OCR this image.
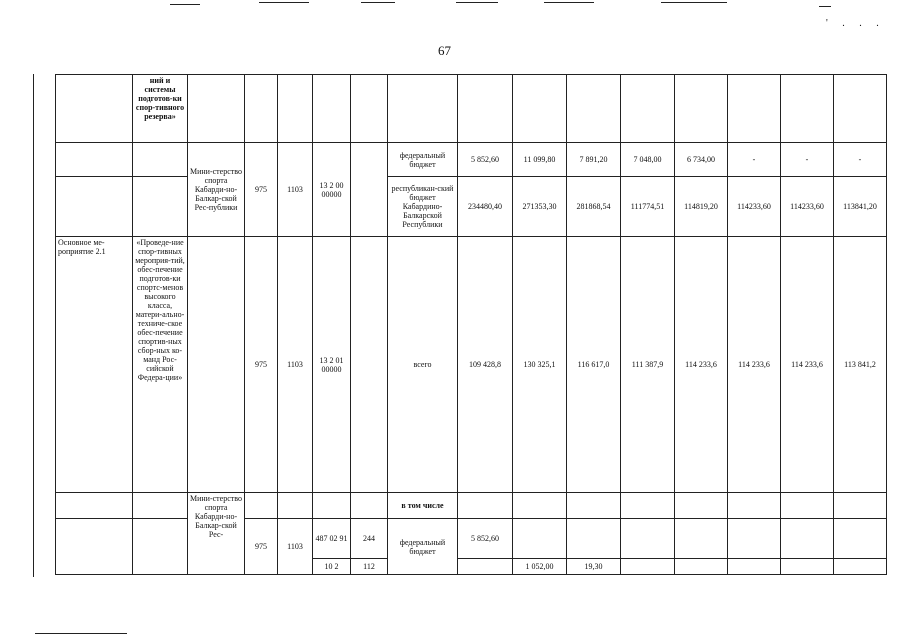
' . . .
67
	ний и системы подготов-ки спор-тивного резерва»														
		Мини-стерство спорта Кабарди-но-Балкар-ской Рес-публики	975	1103	13 2 00 00000		федеральный бюджет	5 852,60	11 099,80	7 891,20	7 048,00	6 734,00	-	-	-
							республикан-ский бюджет Кабардино-Балкарской Республики	234480,40	271353,30	281868,54	111774,51	114819,20	114233,60	114233,60	113841,20
Основное ме-роприятие 2.1	«Проведе-ние спор-тивных мероприя-тий, обес-печение подготов-ки спортс-менов высокого класса, матери-ально-техниче-ское обес-печение спортив-ных сбор-ных ко-манд Рос-сийской Федера-ции»		975	1103	13 2 01 00000		всего	109 428,8	130 325,1	116 617,0	111 387,9	114 233,6	114 233,6	114 233,6	113 841,2
		Мини-стерство спорта Кабарди-но-Балкар-ской Рес-					в том числе								
			975	1103	487 02 91	244	федеральный бюджет	5 852,60							
					10 2	112			1 052,00	19,30					
